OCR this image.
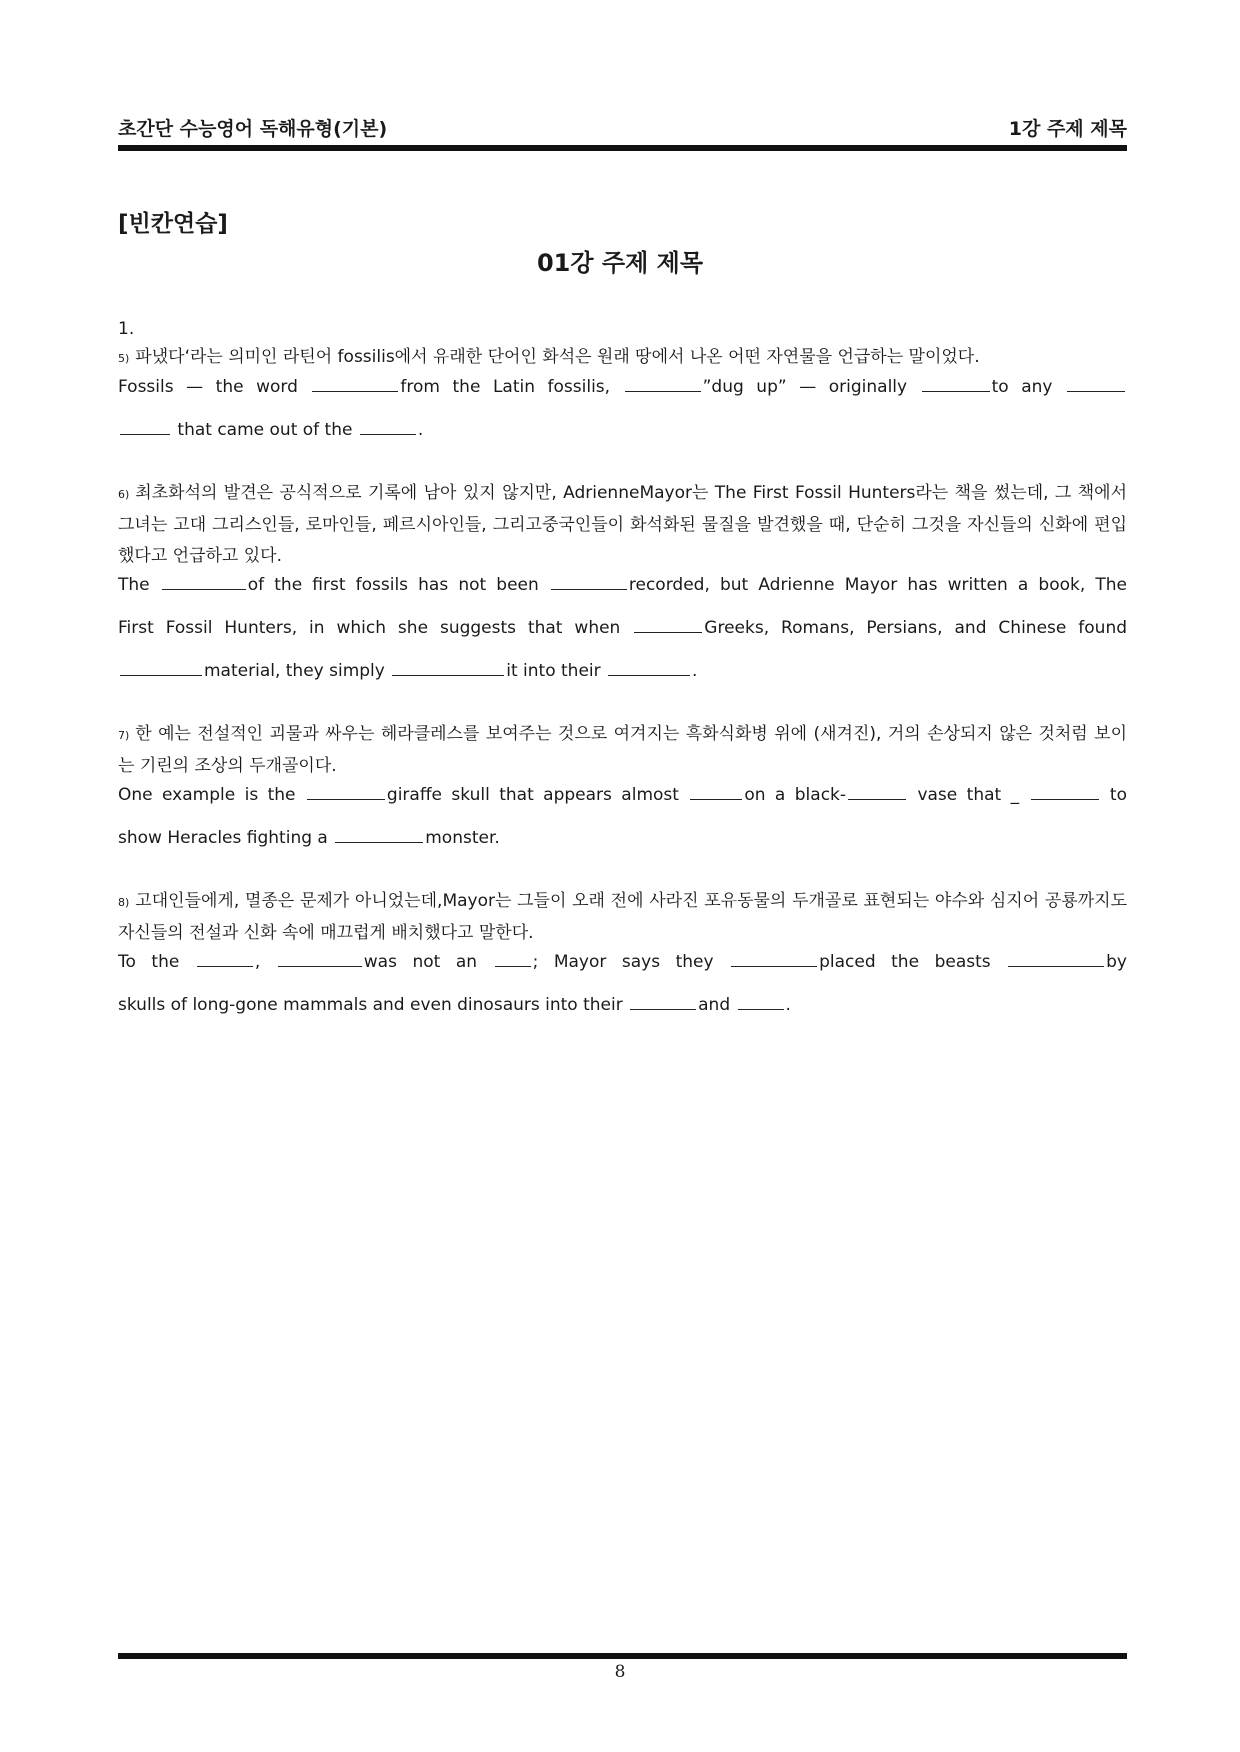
초간단 수능영어 독해유형(기본)	1강 주제 제목
[빈칸연습]
01강 주제 제목
1.
5) 파냈다‘라는 의미인 라틴어 fossilis에서 유래한 단어인 화석은 원래 땅에서 나온 어떤 자연물을 언급하는 말이었다.
Fossils — the word	from the Latin fossilis,	”dug up” — originally	to any
that came out of the	.
6) 최초화석의 발견은 공식적으로 기록에 남아 있지 않지만, AdrienneMayor는 The First Fossil Hunters라는 책을 썼는데, 그 책에서 그녀는 고대 그리스인들, 로마인들, 페르시아인들, 그리고중국인들이 화석화된 물질을 발견했을 때, 단순히 그것을 자신들의 신화에 편입했다고 언급하고 있다.
The	of the first fossils has not been	recorded, but Adrienne Mayor has written a book, The
First Fossil Hunters, in which she suggests that when	Greeks, Romans, Persians, and Chinese found
material, they simply	it into their	.
7) 한 예는 전설적인 괴물과 싸우는 헤라클레스를 보여주는 것으로 여겨지는 흑화식화병 위에 (새겨진), 거의 손상되지 않은 것처럼 보이는 기린의 조상의 두개골이다.
One example is the	giraffe skull that appears almost	on a black-	vase that _	to
show Heracles fighting a	monster.
8) 고대인들에게, 멸종은 문제가 아니었는데,Mayor는 그들이 오래 전에 사라진 포유동물의 두개골로 표현되는 야수와 심지어 공룡까지도 자신들의 전설과 신화 속에 매끄럽게 배치했다고 말한다.
To the	,	was not an ; Mayor says they	placed the beasts	by
skulls of long-gone mammals and even dinosaurs into their	and	.
8
